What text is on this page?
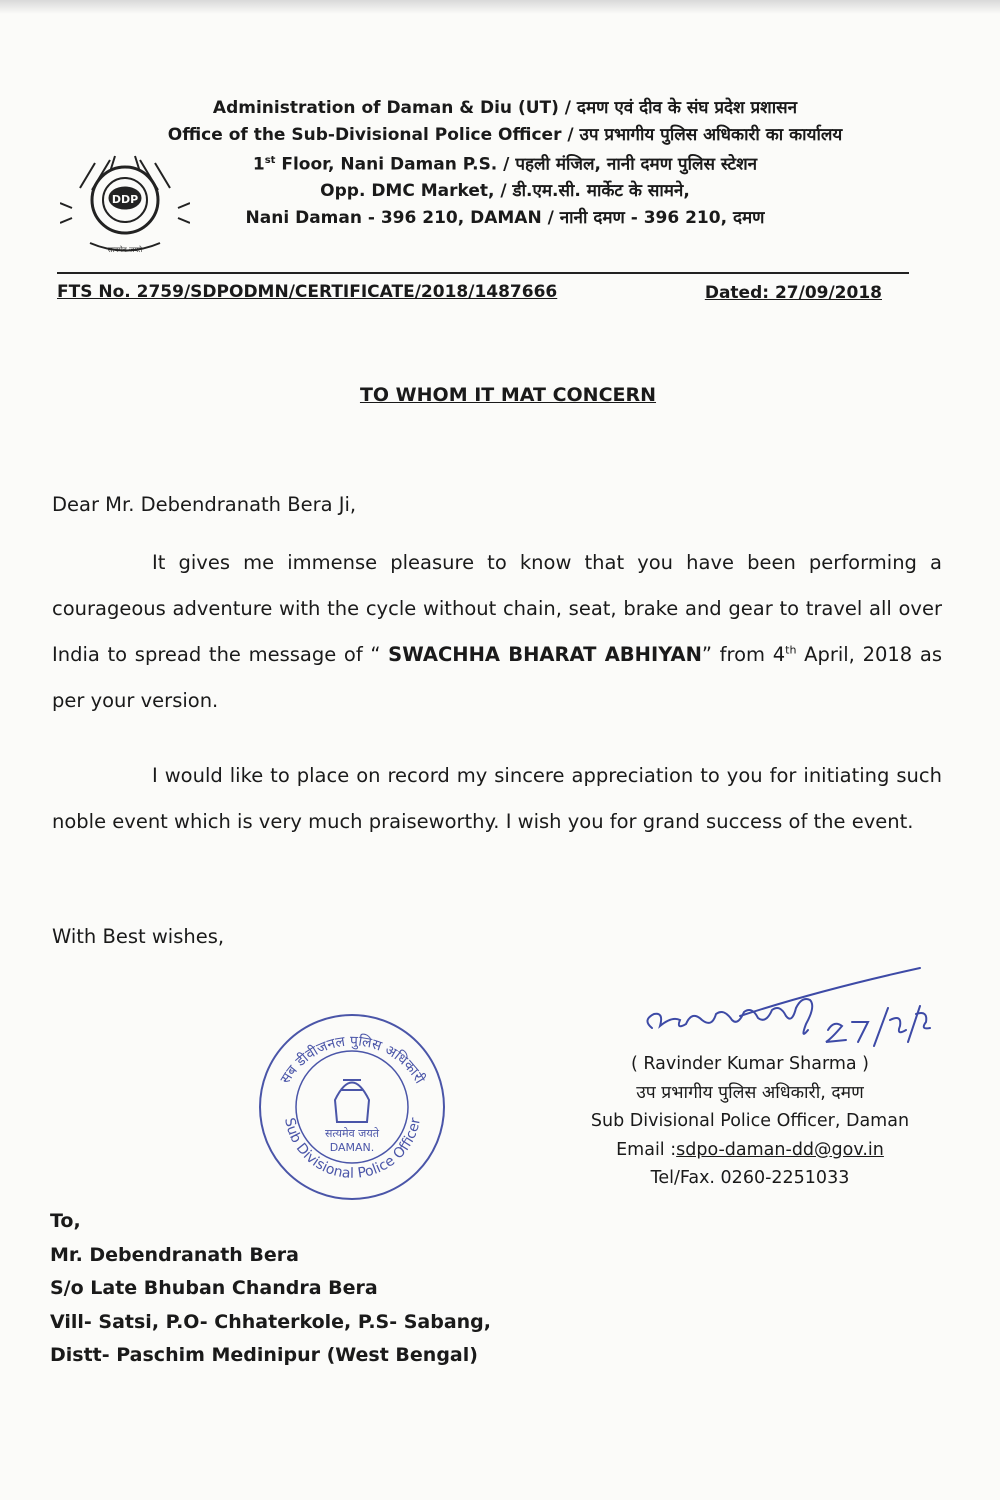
DDP
सत्यमेव जयते
Administration of Daman & Diu (UT) / दमण एवं दीव के संघ प्रदेश प्रशासन
Office of the Sub-Divisional Police Officer / उप प्रभागीय पुलिस अधिकारी का कार्यालय
1st Floor, Nani Daman P.S. / पहली मंजिल, नानी दमण पुलिस स्टेशन
Opp. DMC Market, / डी.एम.सी. मार्केट के सामने,
Nani Daman - 396 210, DAMAN / नानी दमण - 396 210, दमण
FTS No. 2759/SDPODMN/CERTIFICATE/2018/1487666	Dated: 27/09/2018
TO WHOM IT MAT CONCERN
Dear Mr. Debendranath Bera Ji,
It gives me immense pleasure to know that you have been performing a courageous adventure with the cycle without chain, seat, brake and gear to travel all over India to spread the message of “ SWACHHA BHARAT ABHIYAN” from 4th April, 2018 as per your version.
I would like to place on record my sincere appreciation to you for initiating such noble event which is very much praiseworthy. I wish you for grand success of the event.
With Best wishes,
सब डीवीजनल पुलिस अधिकारी
Sub Divisional Police Officer
सत्यमेव जयते
DAMAN.
( Ravinder Kumar Sharma )
उप प्रभागीय पुलिस अधिकारी, दमण
Sub Divisional Police Officer, Daman
Email :sdpo-daman-dd@gov.in
Tel/Fax. 0260-2251033
To,
Mr. Debendranath Bera
S/o Late Bhuban Chandra Bera
Vill- Satsi, P.O- Chhaterkole, P.S- Sabang,
Distt- Paschim Medinipur (West Bengal)
